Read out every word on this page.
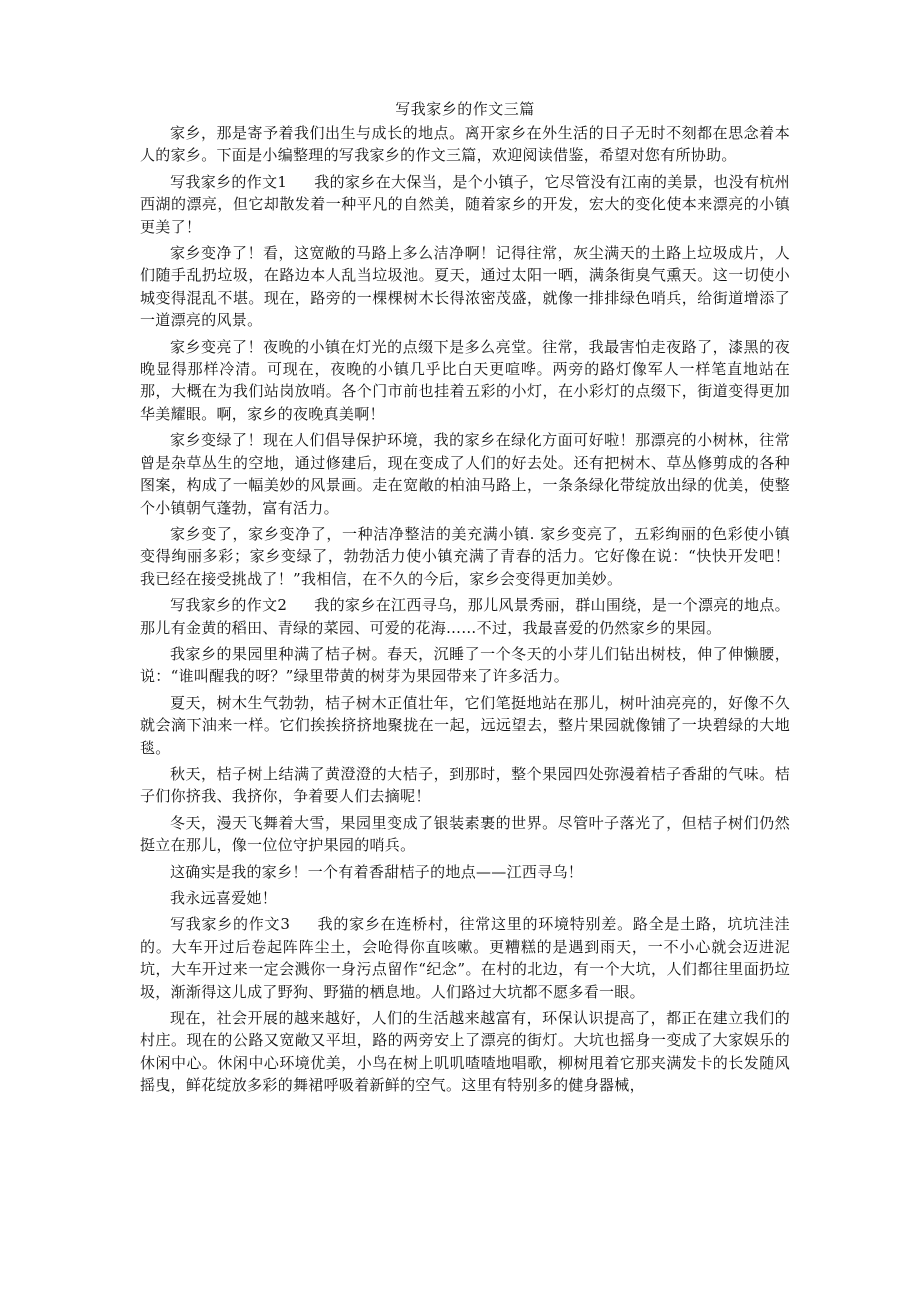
写我家乡的作文三篇

家乡，那是寄予着我们出生与成长的地点。离开家乡在外生活的日子无时不刻都在思念着本人的家乡。下面是小编整理的写我家乡的作文三篇，欢迎阅读借鉴，希望对您有所协助。

写我家乡的作文1 我的家乡在大保当，是个小镇子，它尽管没有江南的美景，也没有杭州西湖的漂亮，但它却散发着一种平凡的自然美，随着家乡的开发，宏大的变化使本来漂亮的小镇更美了！

家乡变净了！看，这宽敞的马路上多么洁净啊！记得往常，灰尘满天的土路上垃圾成片，人们随手乱扔垃圾，在路边本人乱当垃圾池。夏天，通过太阳一晒，满条街臭气熏天。这一切使小城变得混乱不堪。现在，路旁的一棵棵树木长得浓密茂盛，就像一排排绿色哨兵，给街道增添了一道漂亮的风景。

家乡变亮了！夜晚的小镇在灯光的点缀下是多么亮堂。往常，我最害怕走夜路了，漆黑的夜晚显得那样冷清。可现在，夜晚的小镇几乎比白天更喧哗。两旁的路灯像军人一样笔直地站在那，大概在为我们站岗放哨。各个门市前也挂着五彩的小灯，在小彩灯的点缀下，街道变得更加华美耀眼。啊，家乡的夜晚真美啊！

家乡变绿了！现在人们倡导保护环境，我的家乡在绿化方面可好啦！那漂亮的小树林，往常曾是杂草丛生的空地，通过修建后，现在变成了人们的好去处。还有把树木、草丛修剪成的各种图案，构成了一幅美妙的风景画。走在宽敞的柏油马路上，一条条绿化带绽放出绿的优美，使整个小镇朝气蓬勃，富有活力。

家乡变了，家乡变净了，一种洁净整洁的美充满小镇. 家乡变亮了，五彩绚丽的色彩使小镇变得绚丽多彩；家乡变绿了，勃勃活力使小镇充满了青春的活力。它好像在说：“快快开发吧！我已经在接受挑战了！”我相信，在不久的今后，家乡会变得更加美妙。

写我家乡的作文2 我的家乡在江西寻乌，那儿风景秀丽，群山围绕，是一个漂亮的地点。那儿有金黄的稻田、青绿的菜园、可爱的花海……不过，我最喜爱的仍然家乡的果园。

我家乡的果园里种满了桔子树。春天，沉睡了一个冬天的小芽儿们钻出树枝，伸了伸懒腰，说：“谁叫醒我的呀？”绿里带黄的树芽为果园带来了许多活力。

夏天，树木生气勃勃，桔子树木正值壮年，它们笔挺地站在那儿，树叶油亮亮的，好像不久就会滴下油来一样。它们挨挨挤挤地聚拢在一起，远远望去，整片果园就像铺了一块碧绿的大地毯。

秋天，桔子树上结满了黄澄澄的大桔子，到那时，整个果园四处弥漫着桔子香甜的气味。桔子们你挤我、我挤你，争着要人们去摘呢！

冬天，漫天飞舞着大雪，果园里变成了银装素裹的世界。尽管叶子落光了，但桔子树们仍然挺立在那儿，像一位位守护果园的哨兵。

这确实是我的家乡！一个有着香甜桔子的地点——江西寻乌！

我永远喜爱她！

写我家乡的作文3 我的家乡在连桥村，往常这里的环境特别差。路全是土路，坑坑洼洼的。大车开过后卷起阵阵尘土，会呛得你直咳嗽。更糟糕的是遇到雨天，一不小心就会迈进泥坑，大车开过来一定会溅你一身污点留作“纪念”。在村的北边，有一个大坑，人们都往里面扔垃圾，渐渐得这儿成了野狗、野猫的栖息地。人们路过大坑都不愿多看一眼。

现在，社会开展的越来越好，人们的生活越来越富有，环保认识提高了，都正在建立我们的村庄。现在的公路又宽敞又平坦，路的两旁安上了漂亮的街灯。大坑也摇身一变成了大家娱乐的休闲中心。休闲中心环境优美，小鸟在树上叽叽喳喳地唱歌，柳树甩着它那夹满发卡的长发随风摇曳，鲜花绽放多彩的舞裙呼吸着新鲜的空气。这里有特别多的健身器械，
